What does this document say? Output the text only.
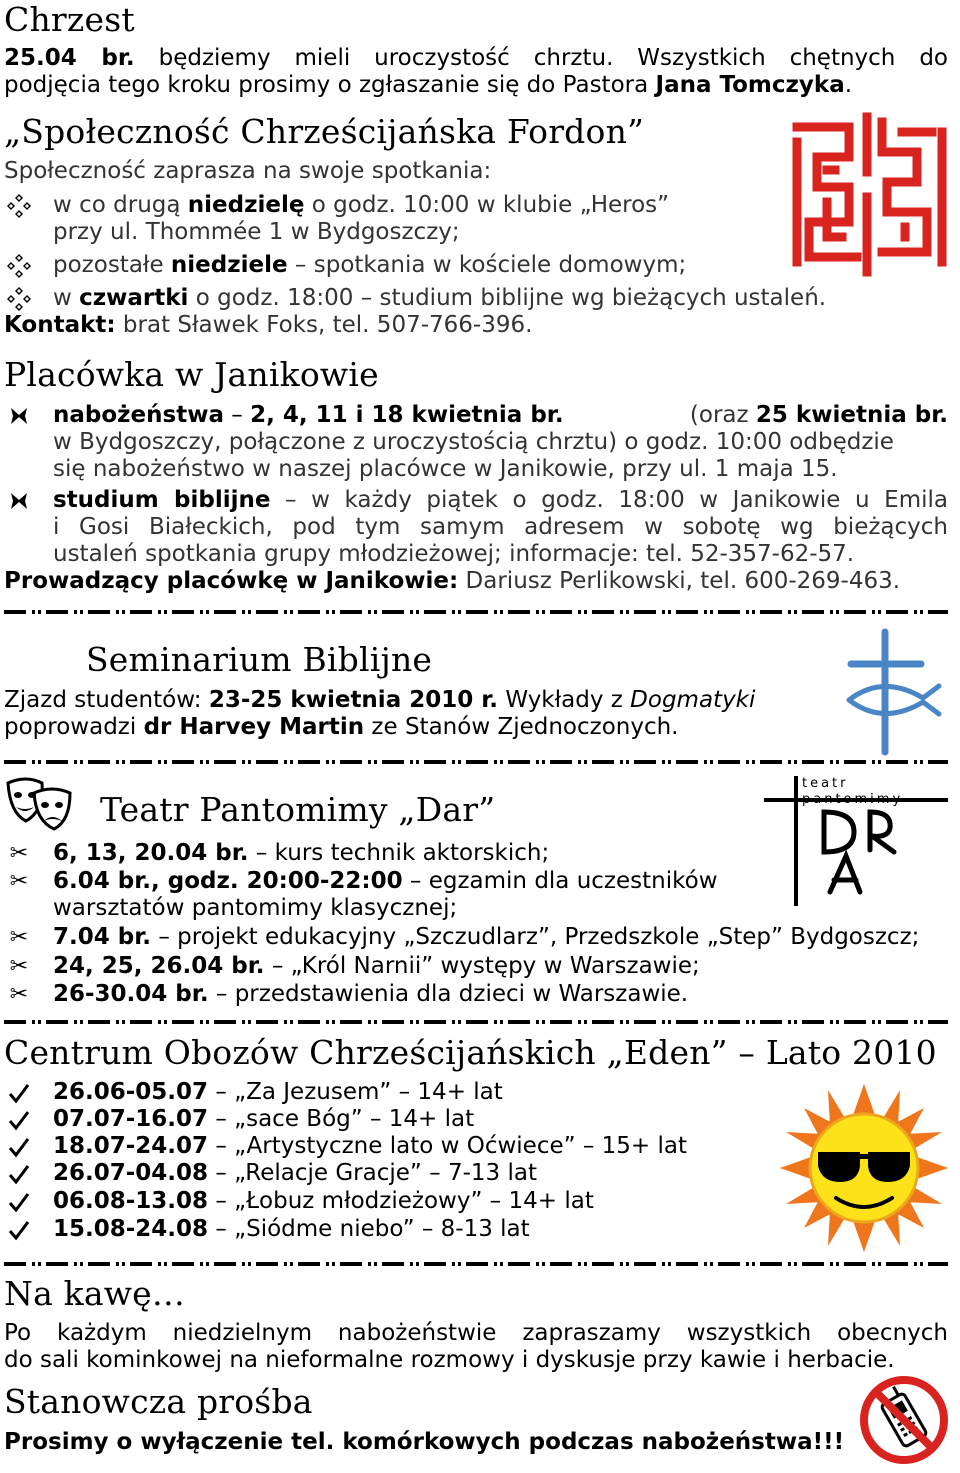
Chrzest

25.04 br. będziemy mieli uroczystość chrztu. Wszystkich chętnych do

podjęcia tego kroku prosimy o zgłaszanie się do Pastora Jana Tomczyka.

„Społeczność Chrześcijańska Fordon”

Społeczność zaprasza na swoje spotkania:

w co drugą niedzielę o godz. 10:00 w klubie „Heros”

przy ul. Thommée 1 w Bydgoszczy;

pozostałe niedziele – spotkania w kościele domowym;

w czwartki o godz. 18:00 – studium biblijne wg bieżących ustaleń.

Kontakt: brat Sławek Foks, tel. 507-766-396.

Placówka w Janikowie

nabożeństwa – 2, 4, 11 i 18 kwietnia br.	(oraz 25 kwietnia br.

w Bydgoszczy, połączone z uroczystością chrztu) o godz. 10:00 odbędzie

się nabożeństwo w naszej placówce w Janikowie, przy ul. 1 maja 15.

studium biblijne – w każdy piątek o godz. 18:00 w Janikowie u Emila

i Gosi Białeckich, pod tym samym adresem w sobotę wg bieżących

ustaleń spotkania grupy młodzieżowej; informacje: tel. 52-357-62-57.

Prowadzący placówkę w Janikowie: Dariusz Perlikowski, tel. 600-269-463.

Seminarium Biblijne

Zjazd studentów: 23-25 kwietnia 2010 r. Wykłady z Dogmatyki

poprowadzi dr Harvey Martin ze Stanów Zjednoczonych.

Teatr Pantomimy „Dar”
teatr pantomimy
✂ 6, 13, 20.04 br. – kurs technik aktorskich;

✂ 6.04 br., godz. 20:00-22:00 – egzamin dla uczestników

warsztatów pantomimy klasycznej;

✂ 7.04 br. – projekt edukacyjny „Szczudlarz”, Przedszkole „Step” Bydgoszcz;

✂ 24, 25, 26.04 br. – „Król Narnii” występy w Warszawie;

✂ 26-30.04 br. – przedstawienia dla dzieci w Warszawie.

Centrum Obozów Chrześcijańskich „Eden” – Lato 2010

26.06-05.07 – „Za Jezusem” – 14+ lat

07.07-16.07 – „sace Bóg” – 14+ lat

18.07-24.07 – „Artystyczne lato w Oćwiece” – 15+ lat

26.07-04.08 – „Relacje Gracje” – 7-13 lat

06.08-13.08 – „Łobuz młodzieżowy” – 14+ lat

15.08-24.08 – „Siódme niebo” – 8-13 lat

Na kawę…

Po każdym niedzielnym nabożeństwie zapraszamy wszystkich obecnych

do sali kominkowej na nieformalne rozmowy i dyskusje przy kawie i herbacie.

Stanowcza prośba

Prosimy o wyłączenie tel. komórkowych podczas nabożeństwa!!!
